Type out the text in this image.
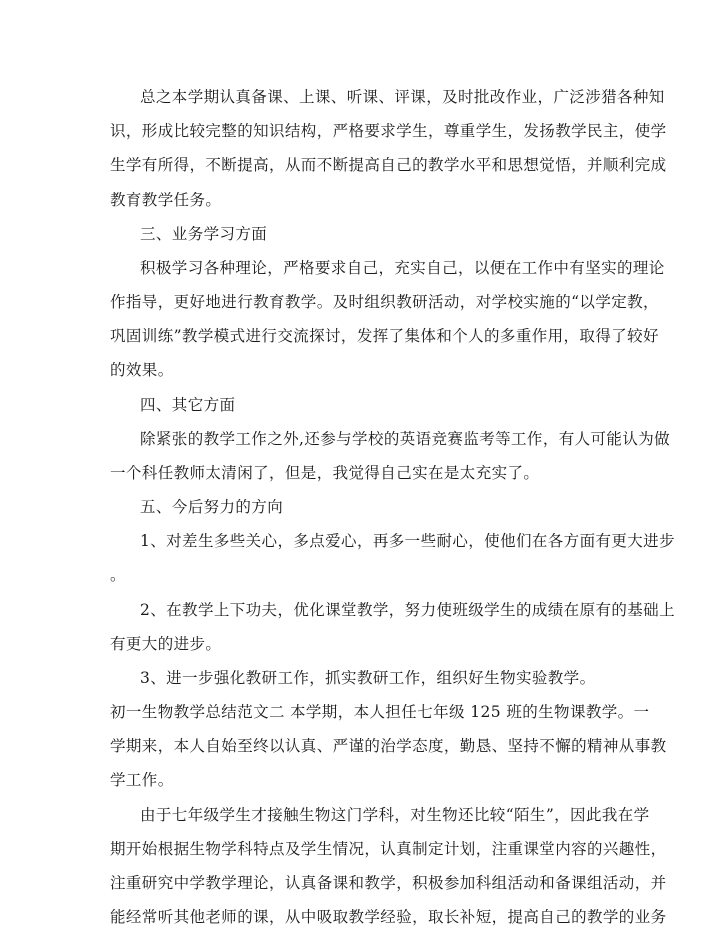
总之本学期认真备课、上课、听课、评课，及时批改作业，广泛涉猎各种知
识，形成比较完整的知识结构，严格要求学生，尊重学生，发扬教学民主，使学
生学有所得，不断提高，从而不断提高自己的教学水平和思想觉悟，并顺利完成
教育教学任务。
三、业务学习方面
积极学习各种理论，严格要求自己，充实自己，以便在工作中有坚实的理论
作指导，更好地进行教育教学。及时组织教研活动，对学校实施的“以学定教，
巩固训练”教学模式进行交流探讨，发挥了集体和个人的多重作用，取得了较好
的效果。
四、其它方面
除紧张的教学工作之外,还参与学校的英语竞赛监考等工作，有人可能认为做
一个科任教师太清闲了，但是，我觉得自己实在是太充实了。
五、今后努力的方向
1、对差生多些关心，多点爱心，再多一些耐心，使他们在各方面有更大进步
。
2、在教学上下功夫，优化课堂教学，努力使班级学生的成绩在原有的基础上
有更大的进步。
3、进一步强化教研工作，抓实教研工作，组织好生物实验教学。
初一生物教学总结范文二 本学期，本人担任七年级 125 班的生物课教学。一
学期来，本人自始至终以认真、严谨的治学态度，勤恳、坚持不懈的精神从事教
学工作。
由于七年级学生才接触生物这门学科，对生物还比较“陌生”，因此我在学
期开始根据生物学科特点及学生情况，认真制定计划，注重课堂内容的兴趣性，
注重研究中学教学理论，认真备课和教学，积极参加科组活动和备课组活动，并
能经常听其他老师的课，从中吸取教学经验，取长补短，提高自己的教学的业务
